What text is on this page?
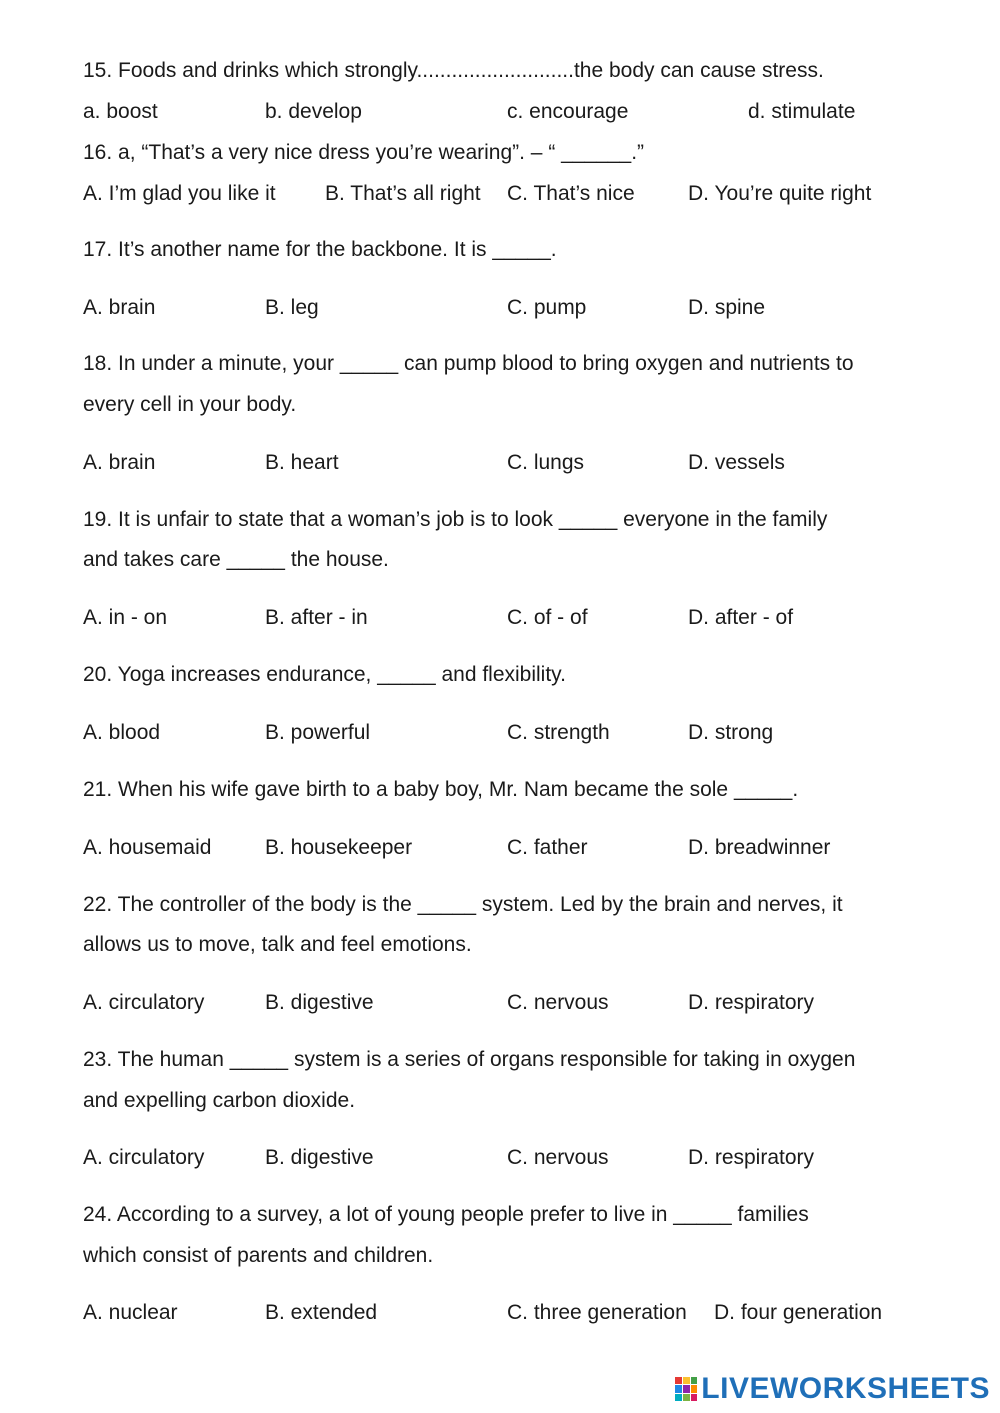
15. Foods and drinks which strongly...........................the body can cause stress.
a. boost	b. develop	c. encourage	d. stimulate
16. a, “That’s a very nice dress you’re wearing”. – “ ______.”
A. I’m glad you like it B. That’s all right C. That’s nice	D. You’re quite right
17. It’s another name for the backbone. It is _____.
A. brain	B. leg	C. pump	D. spine
18. In under a minute, your _____ can pump blood to bring oxygen and nutrients to
every cell in your body.
A. brain	B. heart	C. lungs	D. vessels
19. It is unfair to state that a woman’s job is to look _____ everyone in the family
and takes care _____ the house.
A. in - on	B. after - in	C. of - of	D. after - of
20. Yoga increases endurance, _____ and flexibility.
A. blood	B. powerful	C. strength	D. strong
21. When his wife gave birth to a baby boy, Mr. Nam became the sole _____.
A. housemaid	B. housekeeper	C. father	D. breadwinner
22. The controller of the body is the _____ system. Led by the brain and nerves, it
allows us to move, talk and feel emotions.
A. circulatory	B. digestive	C. nervous	D. respiratory
23. The human _____ system is a series of organs responsible for taking in oxygen
and expelling carbon dioxide.
A. circulatory	B. digestive	C. nervous	D. respiratory
24. According to a survey, a lot of young people prefer to live in _____ families
which consist of parents and children.
A. nuclear	B. extended	C. three generation D. four generation
LIVEWORKSHEETS
